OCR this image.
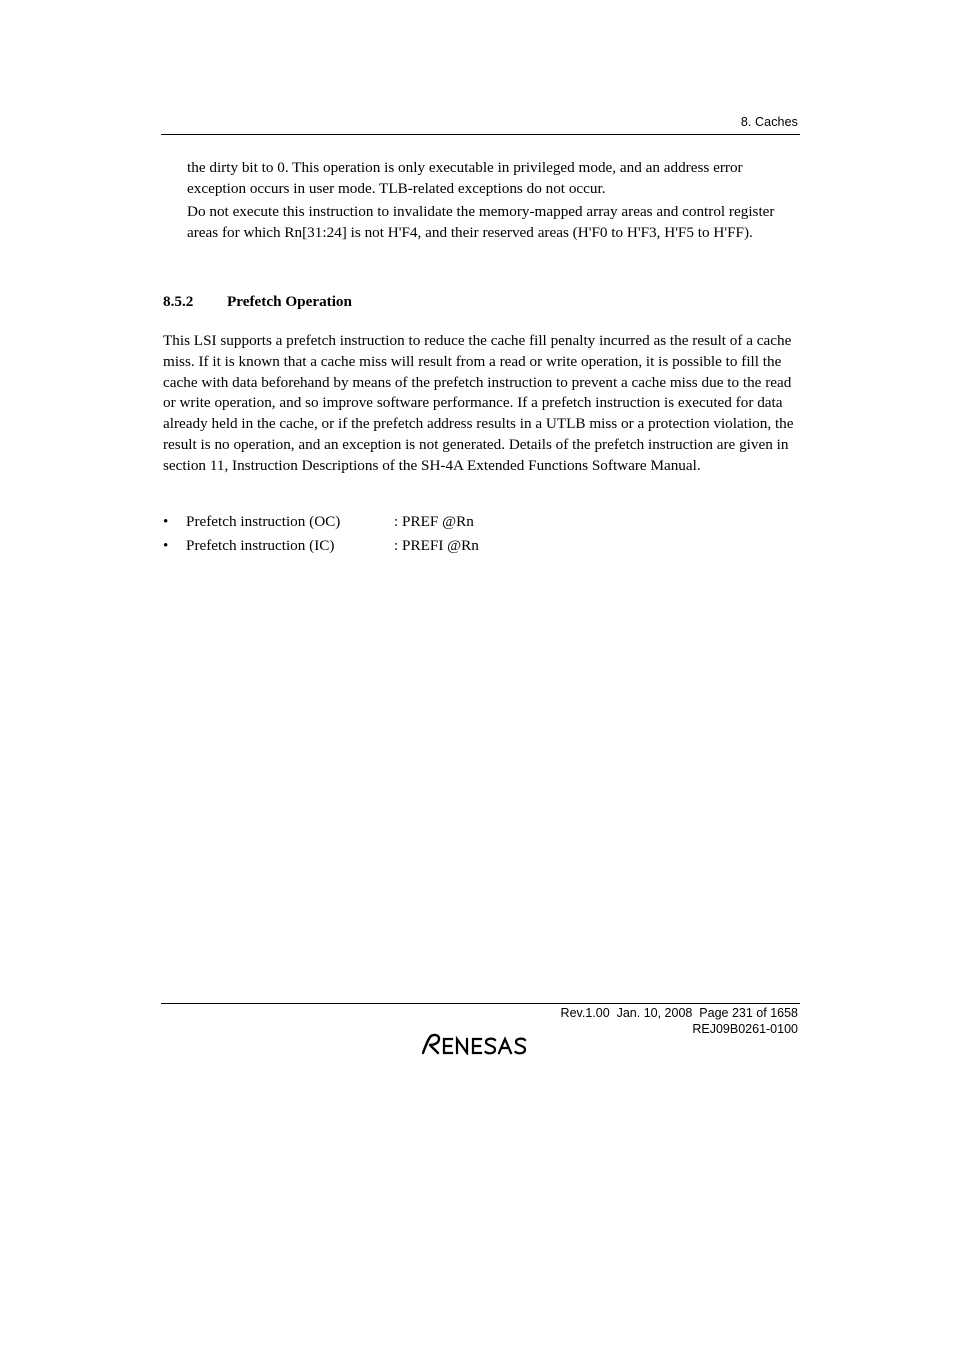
8. Caches

the dirty bit to 0. This operation is only executable in privileged mode, and an address error exception occurs in user mode. TLB-related exceptions do not occur.

Do not execute this instruction to invalidate the memory-mapped array areas and control register areas for which Rn[31:24] is not H'F4, and their reserved areas (H'F0 to H'F3, H'F5 to H'FF).

8.5.2 Prefetch Operation

This LSI supports a prefetch instruction to reduce the cache fill penalty incurred as the result of a cache miss. If it is known that a cache miss will result from a read or write operation, it is possible to fill the cache with data beforehand by means of the prefetch instruction to prevent a cache miss due to the read or write operation, and so improve software performance. If a prefetch instruction is executed for data already held in the cache, or if the prefetch address results in a UTLB miss or a protection violation, the result is no operation, and an exception is not generated. Details of the prefetch instruction are given in section 11, Instruction Descriptions of the SH-4A Extended Functions Software Manual.

• Prefetch instruction (OC)	: PREF @Rn
• Prefetch instruction (IC)	: PREFI @Rn
Rev.1.00  Jan. 10, 2008  Page 231 of 1658
REJ09B0261-0100
